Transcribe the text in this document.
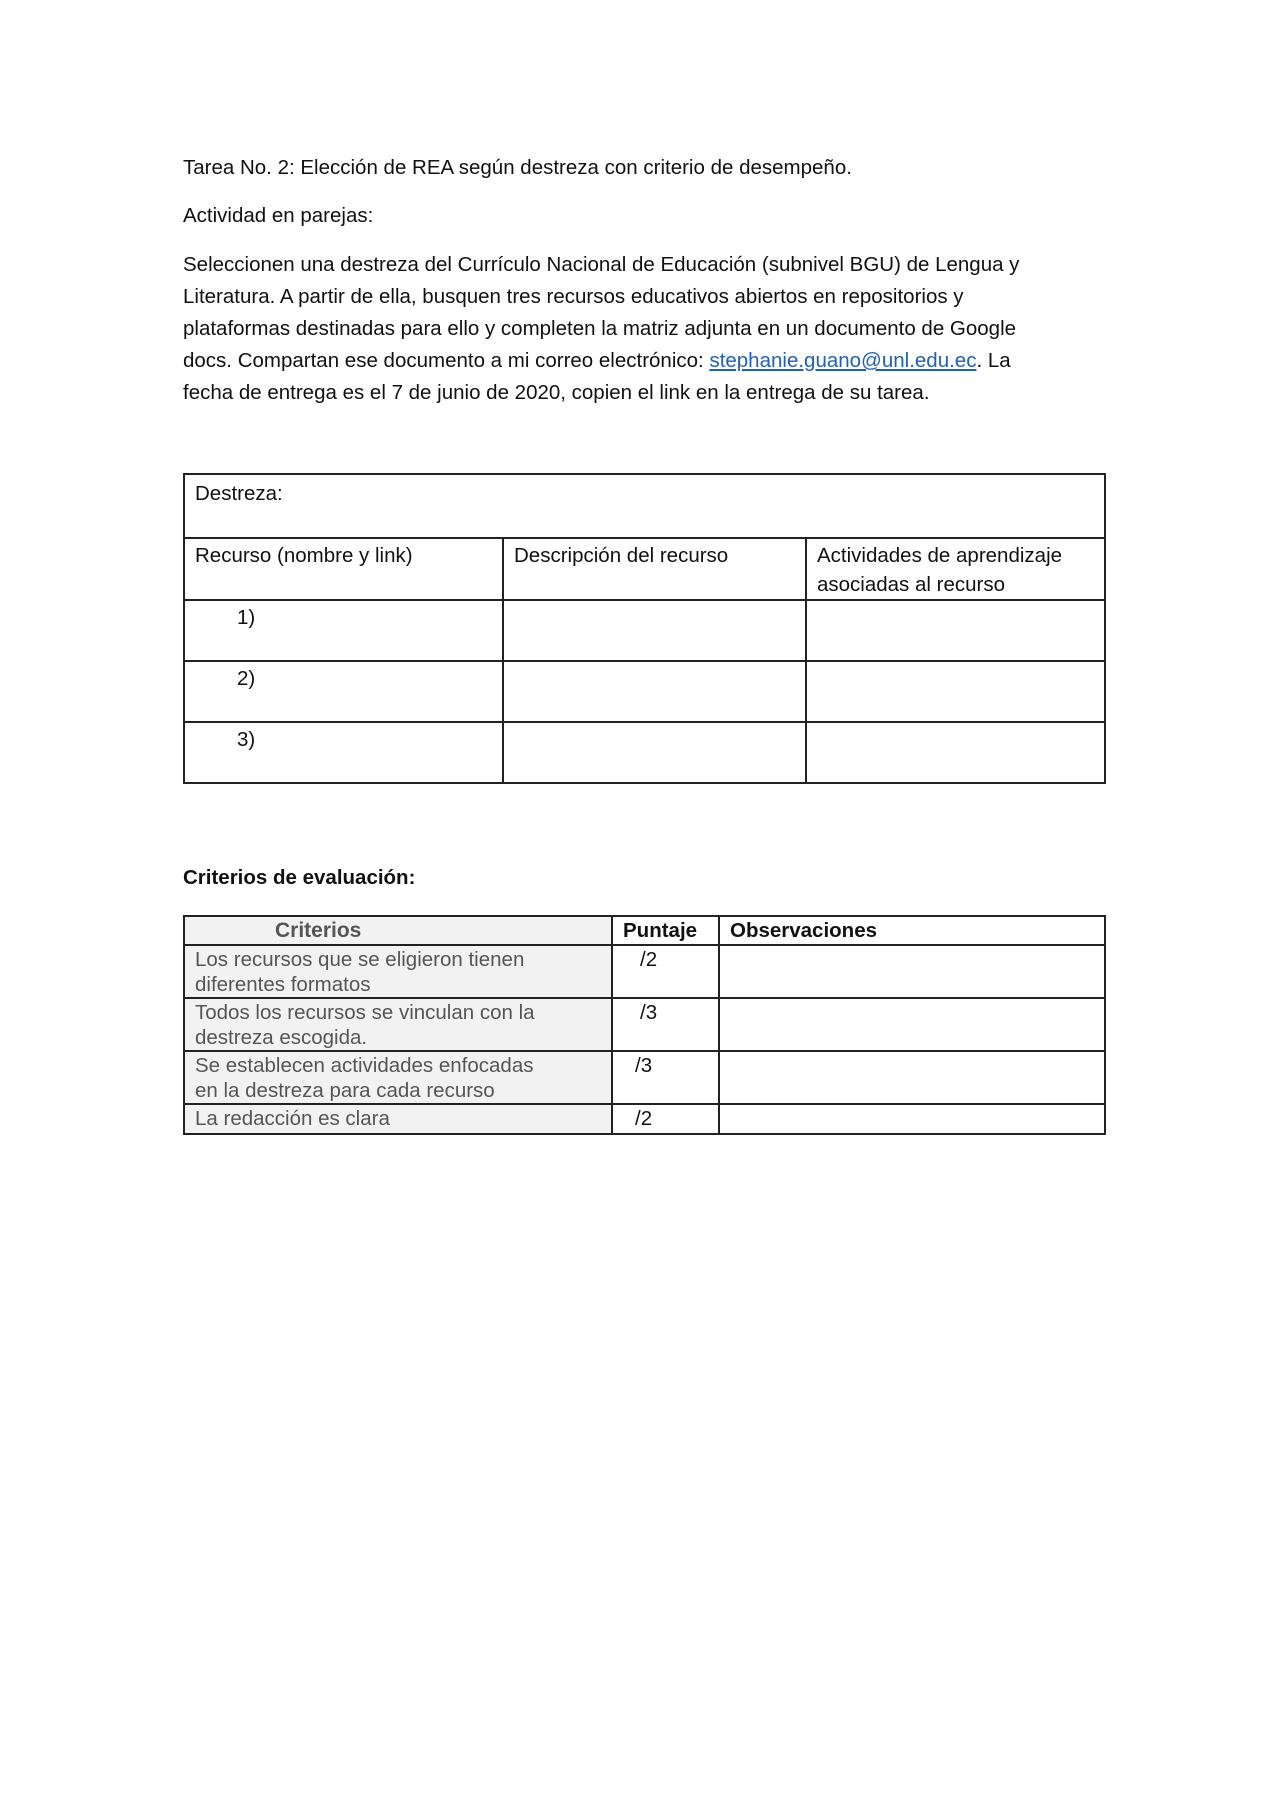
Tarea No. 2: Elección de REA según destreza con criterio de desempeño.

Actividad en parejas:

Seleccionen una destreza del Currículo Nacional de Educación (subnivel BGU) de Lengua y
Literatura. A partir de ella, busquen tres recursos educativos abiertos en repositorios y
plataformas destinadas para ello y completen la matriz adjunta en un documento de Google
docs. Compartan ese documento a mi correo electrónico: stephanie.guano@unl.edu.ec. La
fecha de entrega es el 7 de junio de 2020, copien el link en la entrega de su tarea.
Destreza:		
Recurso (nombre y link)	Descripción del recurso	Actividades de aprendizaje
asociadas al recurso

1)		
2)		
3)		

Criterios de evaluación:

Criterios	Puntaje	Observaciones

Los recursos que se eligieron tienen
diferentes formatos	/2	

Todos los recursos se vinculan con la
destreza escogida.	/3	

Se establecen actividades enfocadas
en la destreza para cada recurso	/3	

La redacción es clara	/2	
